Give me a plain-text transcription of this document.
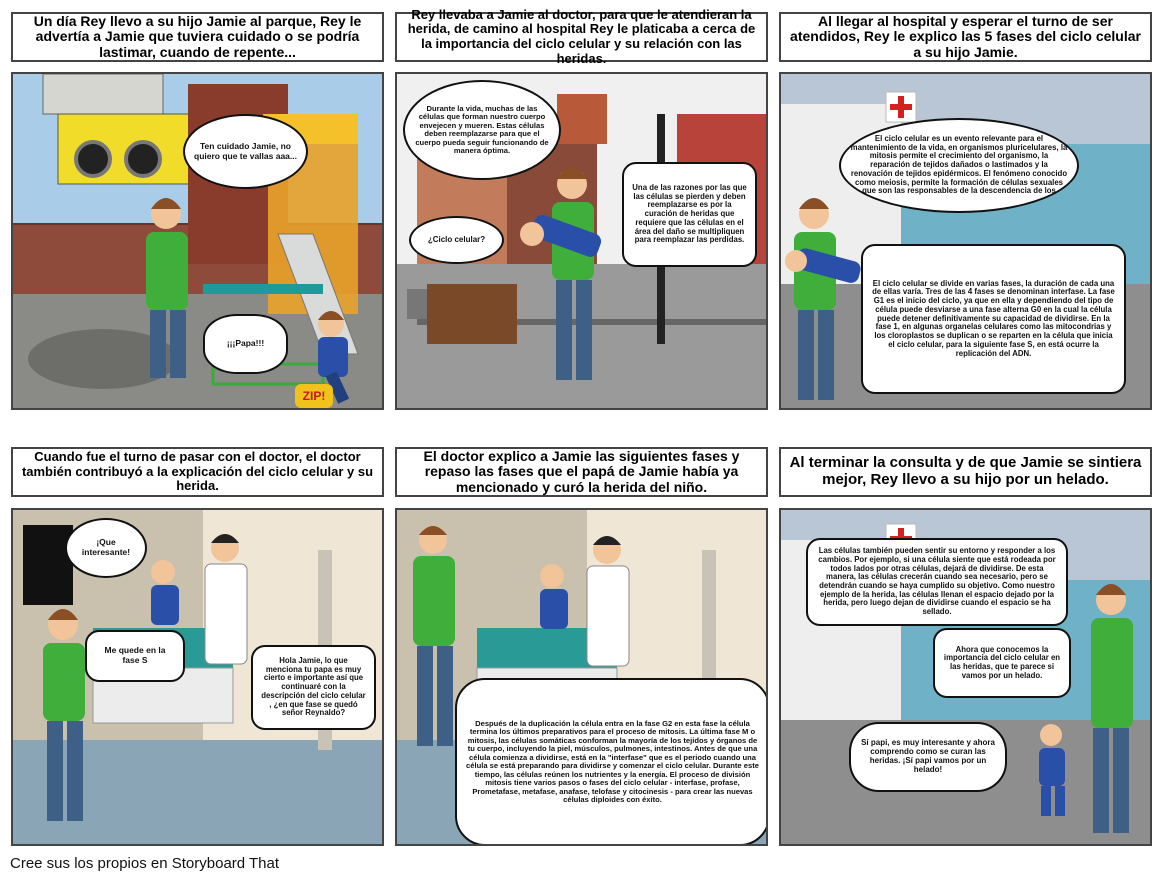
Un día Rey llevo a su hijo Jamie al parque, Rey le advertía a Jamie que tuviera cuidado o se podría lastimar, cuando de repente...
Rey llevaba a Jamie al doctor, para que le atendieran la herida, de camino al hospital Rey le platicaba a cerca de la importancia del ciclo celular y su relación con las heridas.
Al llegar al hospital y esperar el turno de ser atendidos, Rey le explico las 5 fases del ciclo celular a su hijo Jamie.
Cuando fue el turno de pasar con el doctor, el doctor también contribuyó a la explicación del ciclo celular y su herida.
El doctor explico a Jamie las siguientes fases y repaso las fases que el papá de Jamie había ya mencionado y curó la herida del niño.
Al terminar la consulta y de que Jamie se sintiera mejor, Rey llevo a su hijo por un helado.
Ten cuidado Jamie, no quiero que te vallas aaa...
¡¡¡Papa!!!
ZIP!
Durante la vida, muchas de las células que forman nuestro cuerpo envejecen y mueren. Estas células deben reemplazarse para que el cuerpo pueda seguir funcionando de manera óptima.
¿Ciclo celular?
Una de las razones por las que las células se pierden y deben reemplazarse es por la curación de heridas que requiere que las células en el área del daño se multipliquen para reemplazar las perdidas.
El ciclo celular es un evento relevante para el mantenimiento de la vida, en organismos pluricelulares, la mitosis permite el crecimiento del organismo, la reparación de tejidos dañados o lastimados y la renovación de tejidos epidérmicos. El fenómeno conocido como meiosis, permite la formación de células sexuales que son las responsables de la descendencia de los
El ciclo celular se divide en varias fases, la duración de cada una de ellas varía. Tres de las 4 fases se denominan interfase. La fase G1 es el inicio del ciclo, ya que en ella y dependiendo del tipo de célula puede desviarse a una fase alterna G0 en la cual la célula puede detener definitivamente su capacidad de dividirse. En la fase 1, en algunas organelas celulares como las mitocondrias y los cloroplastos se duplican o se reparten en la célula que inicia el ciclo celular, para la siguiente fase S, en está ocurre la replicación del ADN.
¡Que interesante!
Me quede en la fase S	Hola Jamie, lo que menciona tu papa es muy cierto e importante así que continuaré con la descripción del ciclo celular , ¿en que fase se quedó señor Reynaldo?
Después de la duplicación la célula entra en la fase G2 en esta fase la célula termina los últimos preparativos para el proceso de mitosis. La última fase M o mitosis, las células somáticas conforman la mayoría de los tejidos y órganos de tu cuerpo, incluyendo la piel, músculos, pulmones, intestinos. Antes de que una célula comienza a dividirse, está en la "interfase" que es el periodo cuando una célula se está preparando para dividirse y comenzar el ciclo celular. Durante este tiempo, las células reúnen los nutrientes y la energía. El proceso de división mitosis tiene varios pasos o fases del ciclo celular - interfase, profase, Prometafase, metafase, anafase, telofase y citocinesis - para crear las nuevas células diploides con éxito.
Las células también pueden sentir su entorno y responder a los cambios. Por ejemplo, si una célula siente que está rodeada por todos lados por otras células, dejará de dividirse. De esta manera, las células crecerán cuando sea necesario, pero se detendrán cuando se haya cumplido su objetivo. Como nuestro ejemplo de la herida, las células llenan el espacio dejado por la herida, pero luego dejan de dividirse cuando el espacio se ha sellado.
Ahora que conocemos la importancia del ciclo celular en las heridas, que te parece si vamos por un helado.
Sí papi, es muy interesante y ahora comprendo como se curan las heridas. ¡Sí papi vamos por un helado!
Cree sus los propios en Storyboard That
